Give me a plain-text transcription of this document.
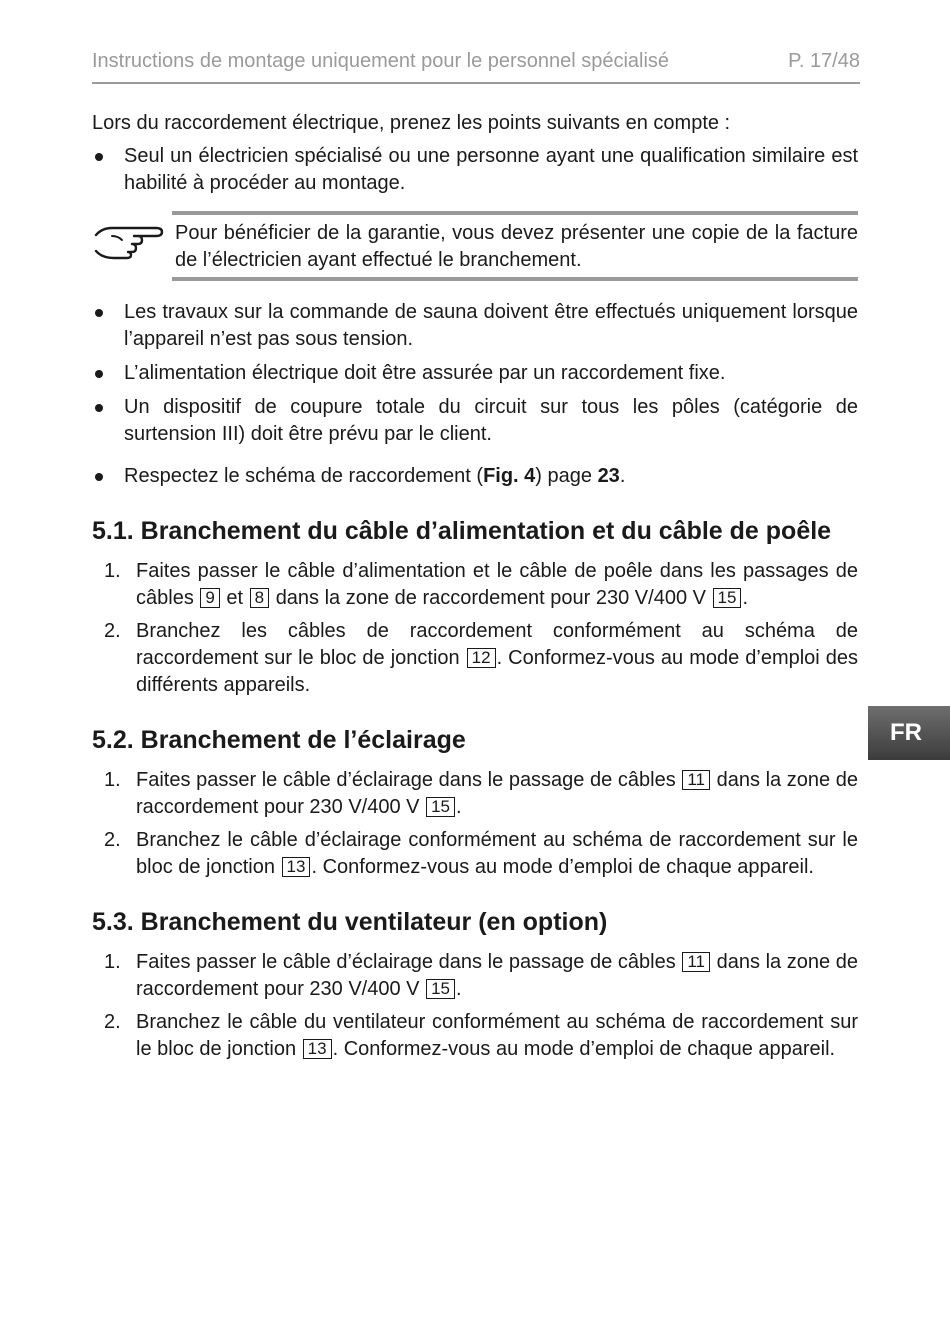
Instructions de montage uniquement pour le personnel spécialisé	P. 17/48

Lors du raccordement électrique, prenez les points suivants en compte :

Seul un électricien spécialisé ou une personne ayant une qualification similaire est habilité à procéder au montage.

Pour bénéficier de la garantie, vous devez présenter une copie de la facture de l’électricien ayant effectué le branchement.

Les travaux sur la commande de sauna doivent être effectués uniquement lorsque l’appareil n’est pas sous tension.
L’alimentation électrique doit être assurée par un raccordement fixe.
Un dispositif de coupure totale du circuit sur tous les pôles (catégorie de surtension III) doit être prévu par le client.
Respectez le schéma de raccordement (Fig. 4) page 23.
5.1. Branchement du câble d’alimentation et du câble de poêle
1. Faites passer le câble d’alimentation et le câble de poêle dans les passages de câbles 9 et 8 dans la zone de raccordement pour 230 V/400 V 15 .
2. Branchez les câbles de raccordement conformément au schéma de raccordement sur le bloc de jonction 12 . Conformez-vous au mode d’emploi des différents appareils.
5.2. Branchement de l’éclairage
1. Faites passer le câble d’éclairage dans le passage de câbles 11 dans la zone de raccordement pour 230 V/400 V 15 .
2. Branchez le câble d’éclairage conformément au schéma de raccordement sur le bloc de jonction 13 . Conformez-vous au mode d’emploi de chaque appareil.
5.3. Branchement du ventilateur (en option)
1. Faites passer le câble d’éclairage dans le passage de câbles 11 dans la zone de raccordement pour 230 V/400 V 15 .
2. Branchez le câble du ventilateur conformément au schéma de raccordement sur le bloc de jonction 13 . Conformez-vous au mode d’emploi de chaque appareil.
FR
